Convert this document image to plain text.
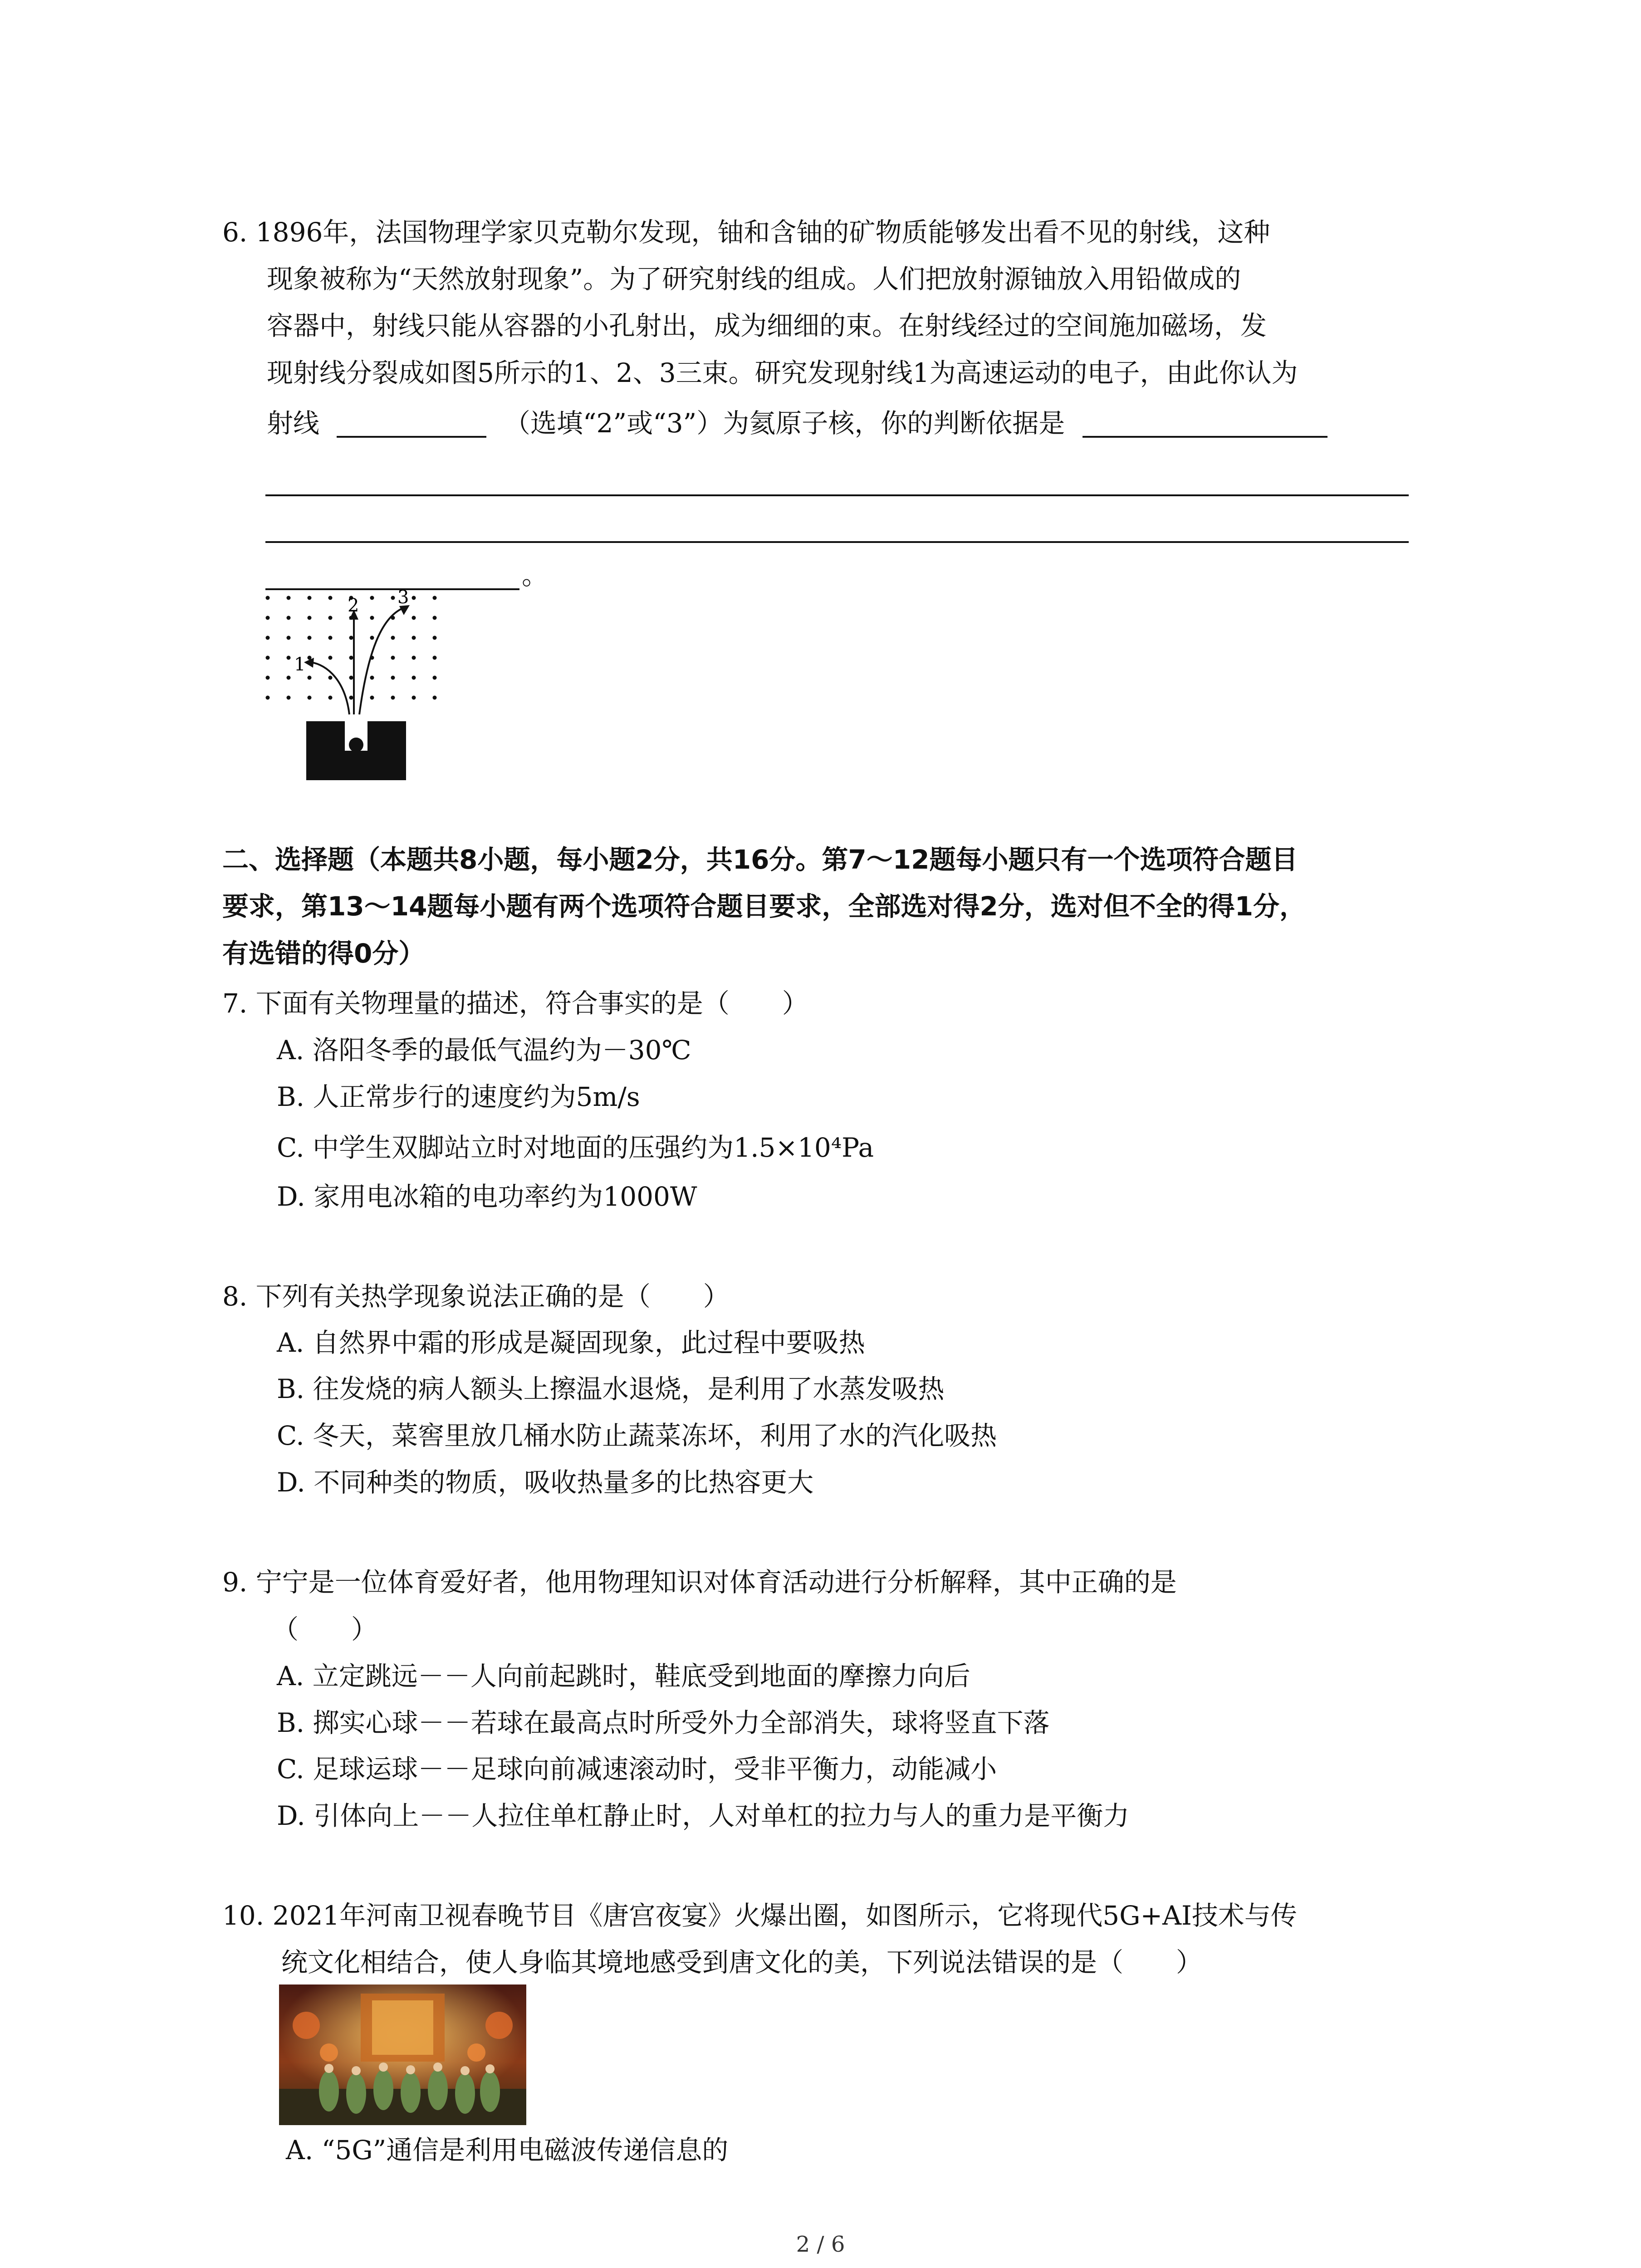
6. 1896年，法国物理学家贝克勒尔发现，铀和含铀的矿物质能够发出看不见的射线，这种
现象被称为“天然放射现象”。为了研究射线的组成。人们把放射源铀放入用铅做成的
容器中，射线只能从容器的小孔射出，成为细细的束。在射线经过的空间施加磁场，发
现射线分裂成如图5所示的1、2、3三束。研究发现射线1为高速运动的电子，由此你认为
射线	（选填“2”或“3”）为氦原子核，你的判断依据是
。
1
2 3
二、选择题（本题共8小题，每小题2分，共16分。第7～12题每小题只有一个选项符合题目
要求，第13～14题每小题有两个选项符合题目要求，全部选对得2分，选对但不全的得1分，
有选错的得0分）
7. 下面有关物理量的描述，符合事实的是（　　）
A. 洛阳冬季的最低气温约为－30℃
B. 人正常步行的速度约为5m/s
C. 中学生双脚站立时对地面的压强约为1.5×10⁴Pa
D. 家用电冰箱的电功率约为1000W
8. 下列有关热学现象说法正确的是（　　）
A. 自然界中霜的形成是凝固现象，此过程中要吸热
B. 往发烧的病人额头上擦温水退烧，是利用了水蒸发吸热
C. 冬天，菜窖里放几桶水防止蔬菜冻坏，利用了水的汽化吸热
D. 不同种类的物质，吸收热量多的比热容更大
9. 宁宁是一位体育爱好者，他用物理知识对体育活动进行分析解释，其中正确的是
（　　）
A. 立定跳远－－人向前起跳时，鞋底受到地面的摩擦力向后
B. 掷实心球－－若球在最高点时所受外力全部消失，球将竖直下落
C. 足球运球－－足球向前减速滚动时，受非平衡力，动能减小
D. 引体向上－－人拉住单杠静止时，人对单杠的拉力与人的重力是平衡力
10. 2021年河南卫视春晚节目《唐宫夜宴》火爆出圈，如图所示，它将现代5G+AI技术与传
统文化相结合，使人身临其境地感受到唐文化的美，下列说法错误的是（　　）
A. “5G”通信是利用电磁波传递信息的
2 / 6
